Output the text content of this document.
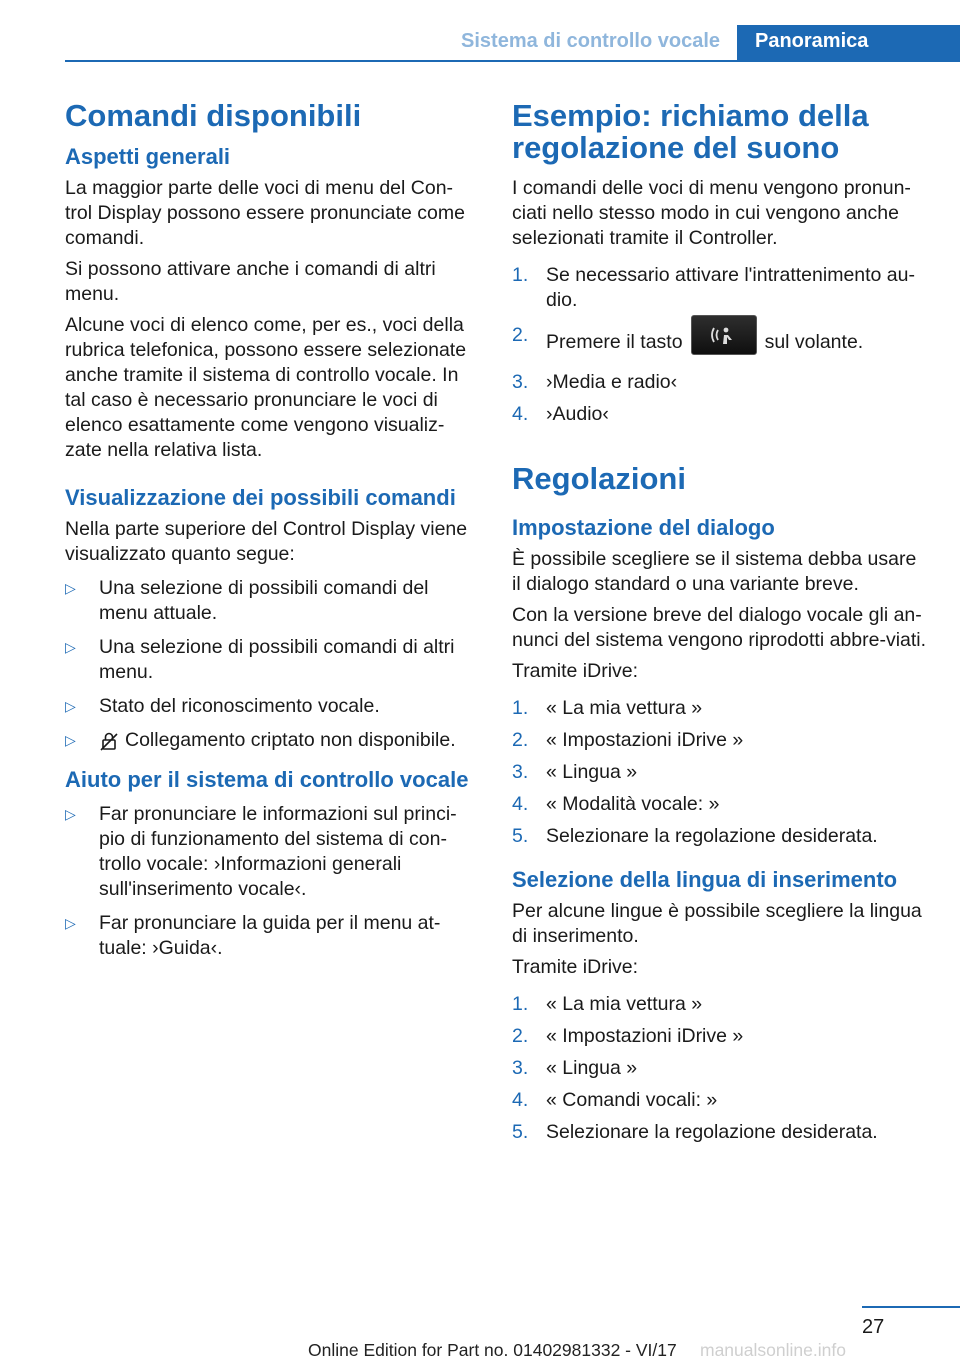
Sistema di controllo vocale	Panoramica
Comandi disponibili
Aspetti generali

La maggior parte delle voci di menu del Con-trol Display possono essere pronunciate come comandi.

Si possono attivare anche i comandi di altri menu.

Alcune voci di elenco come, per es., voci della rubrica telefonica, possono essere selezionate anche tramite il sistema di controllo vocale. In tal caso è necessario pronunciare le voci di elenco esattamente come vengono visualiz-zate nella relativa lista.

Visualizzazione dei possibili comandi

Nella parte superiore del Control Display viene visualizzato quanto segue:

▷ Una selezione di possibili comandi del menu attuale.
▷ Una selezione di possibili comandi di altri menu.
▷ Stato del riconoscimento vocale.
▷	Collegamento criptato non disponibile.
Aiuto per il sistema di controllo vocale
▷ Far pronunciare le informazioni sul princi-pio di funzionamento del sistema di con-trollo vocale: ›Informazioni generali sull'inserimento vocale‹.
▷ Far pronunciare la guida per il menu at-tuale: ›Guida‹.
Esempio: richiamo della regolazione del suono

I comandi delle voci di menu vengono pronun-ciati nello stesso modo in cui vengono anche selezionati tramite il Controller.

1. Se necessario attivare l'intrattenimento au-dio.
2. Premere il tasto	sul volante.
3. ›Media e radio‹
4. ›Audio‹
Regolazioni
Impostazione del dialogo

È possibile scegliere se il sistema debba usare il dialogo standard o una variante breve.

Con la versione breve del dialogo vocale gli an-nunci del sistema vengono riprodotti abbre-viati.

Tramite iDrive:

1. « La mia vettura »
2. « Impostazioni iDrive »
3. « Lingua »
4. « Modalità vocale: »
5. Selezionare la regolazione desiderata.
Selezione della lingua di inserimento

Per alcune lingue è possibile scegliere la lingua di inserimento.

Tramite iDrive:

1. « La mia vettura »
2. « Impostazioni iDrive »
3. « Lingua »
4. « Comandi vocali: »
5. Selezionare la regolazione desiderata.
27
Online Edition for Part no. 01402981332 - VI/17 manualsonline.info
